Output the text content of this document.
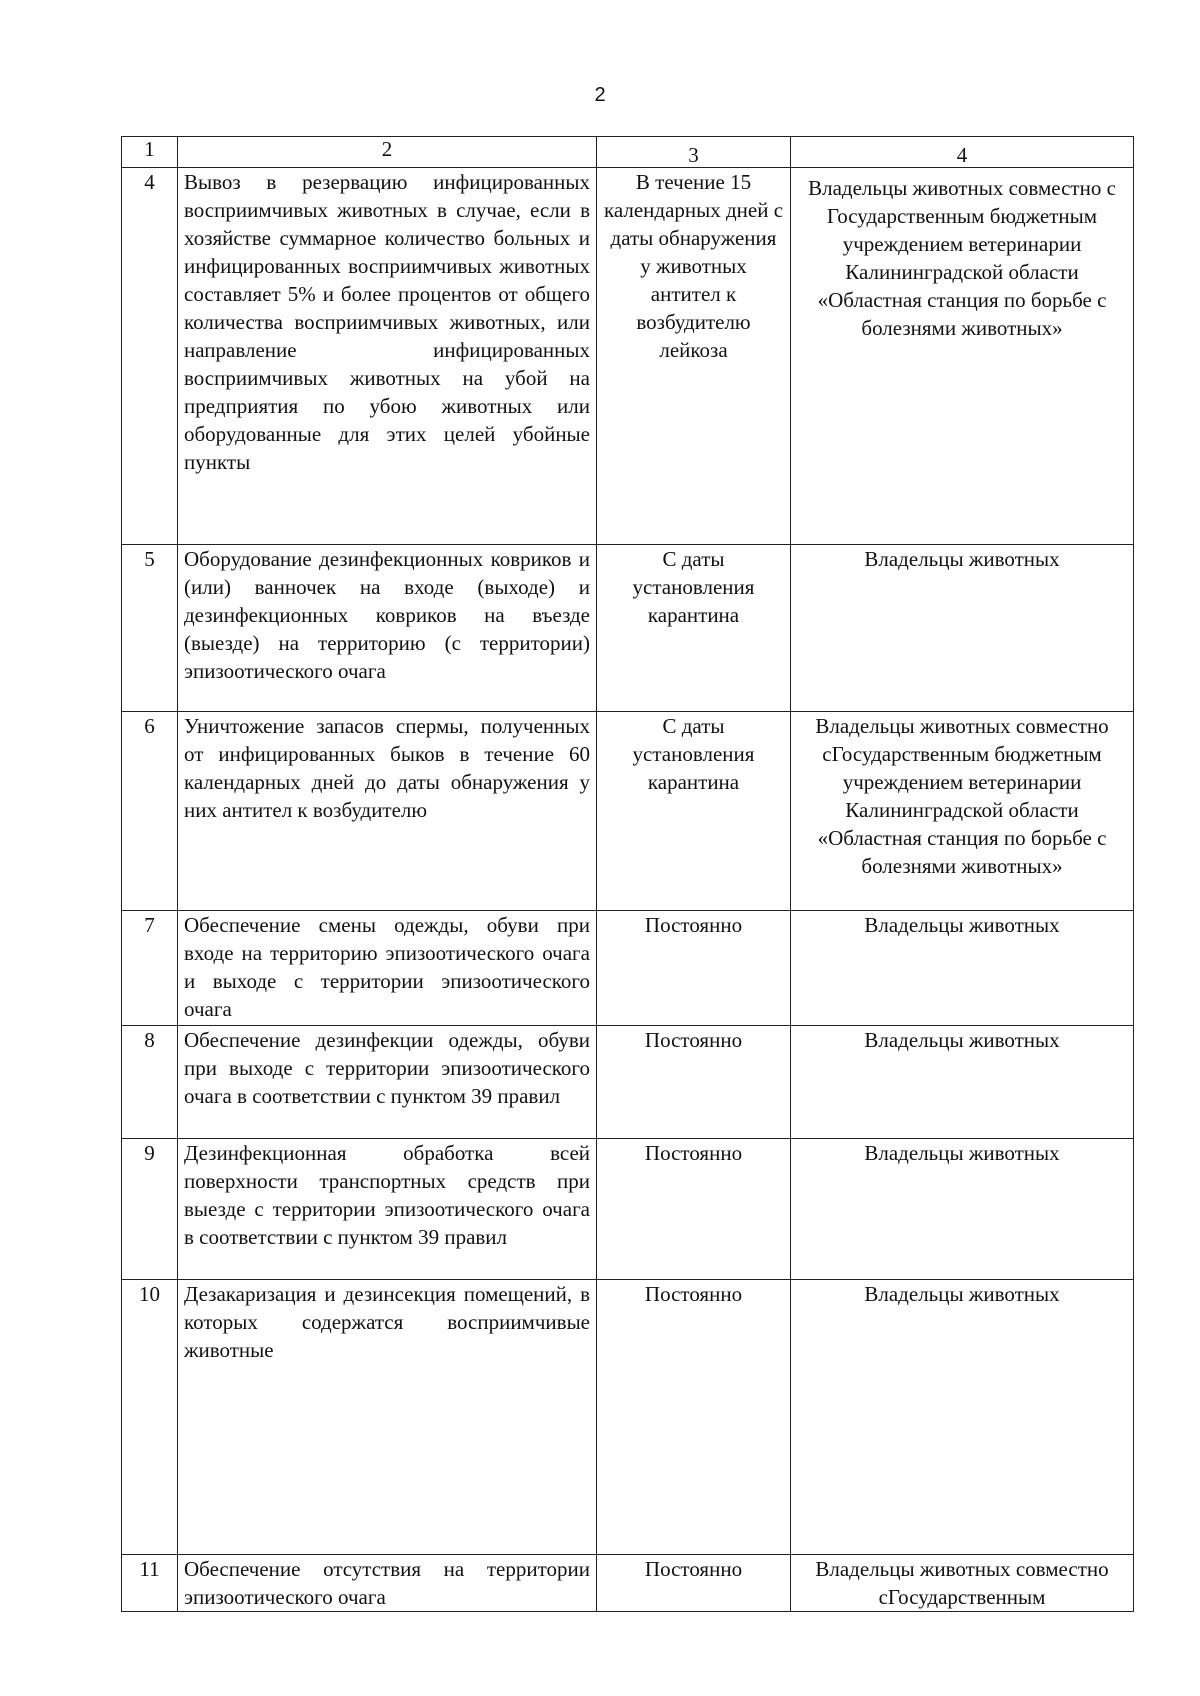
2
1	2	3	4
4	Вывоз в резервацию инфицированных восприимчивых животных в случае, если в хозяйстве суммарное количество больных и инфицированных восприимчивых животных составляет 5% и более процентов от общего количества восприимчивых животных, или направление инфицированных восприимчивых животных на убой на предприятия по убою животных или оборудованные для этих целей убойные пункты	В течение 15 календарных дней с даты обнаружения у животных антител к возбудителю лейкоза	Владельцы животных совместно с Государственным бюджетным учреждением ветеринарии Калининградской области «Областная станция по борьбе с болезнями животных»
5	Оборудование дезинфекционных ковриков и (или) ванночек на входе (выходе) и дезинфекционных ковриков на въезде (выезде) на территорию (с территории) эпизоотического очага	С даты установления карантина	Владельцы животных
6	Уничтожение запасов спермы, полученных от инфицированных быков в течение 60 календарных дней до даты обнаружения у них антител к возбудителю	С даты установления карантина	Владельцы животных совместно сГосударственным бюджетным учреждением ветеринарии Калининградской области «Областная станция по борьбе с болезнями животных»
7	Обеспечение смены одежды, обуви при входе на территорию эпизоотического очага и выходе с территории эпизоотического очага	Постоянно	Владельцы животных
8	Обеспечение дезинфекции одежды, обуви при выходе с территории эпизоотического очага в соответствии с пунктом 39 правил	Постоянно	Владельцы животных
9	Дезинфекционная обработка всей поверхности транспортных средств при выезде с территории эпизоотического очага в соответствии с пунктом 39 правил	Постоянно	Владельцы животных
10	Дезакаризация и дезинсекция помещений, в которых содержатся восприимчивые животные	Постоянно	Владельцы животных
11	Обеспечение отсутствия на территории эпизоотического очага	Постоянно	Владельцы животных совместно сГосударственным
